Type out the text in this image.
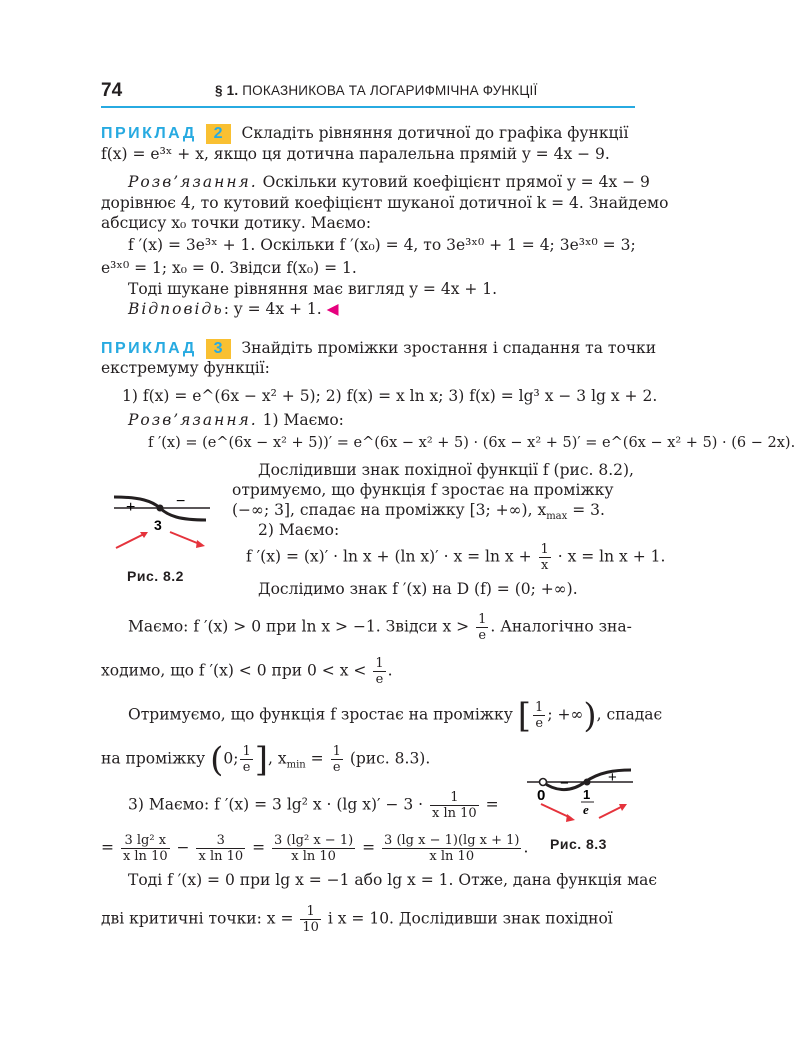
74	§ 1. ПОКАЗНИКОВА ТА ЛОГАРИФМІЧНА ФУНКЦІЇ
ПРИКЛАД 2 Складіть рівняння дотичної до графіка функції
f(x) = e³ˣ + x, якщо ця дотична паралельна прямій y = 4x − 9.
Розв’язання. Оскільки кутовий коефіцієнт прямої y = 4x − 9
дорівнює 4, то кутовий коефіцієнт шуканої дотичної k = 4. Знайдемо
абсцису x₀ точки дотику. Маємо:
f ′(x) = 3e³ˣ + 1. Оскільки f ′(x₀) = 4, то 3e³ˣ⁰ + 1 = 4; 3e³ˣ⁰ = 3;
e³ˣ⁰ = 1; x₀ = 0. Звідси f(x₀) = 1.
Тоді шукане рівняння має вигляд y = 4x + 1.
Відповідь: y = 4x + 1. ◀
ПРИКЛАД 3 Знайдіть проміжки зростання і спадання та точки
екстремуму функції:
1) f(x) = e^(6x − x² + 5); 2) f(x) = x ln x; 3) f(x) = lg³ x − 3 lg x + 2.
Розв’язання. 1) Маємо:
f ′(x) = (e^(6x − x² + 5))′ = e^(6x − x² + 5) · (6x − x² + 5)′ = e^(6x − x² + 5) · (6 − 2x).
Дослідивши знак похідної функції f (рис. 8.2),
отримуємо, що функція f зростає на проміжку
(−∞; 3], спадає на проміжку [3; +∞), $x_{max} = 3$.
2) Маємо:
f ′(x) = (x)′ · ln x + (ln $x)' \cdot x = \ln x + \frac{1}{x} \cdot x = \ln x + 1$.
Дослідимо знак f ′(x) на D (f) = (0; +∞).
+	−
3
Рис. 8.2
Маємо: f ′(x) > 0 при ln x > −1. Звідси $x > \frac{1}{e}$ . Аналогічно зна-
ходимо, що f ′(x) < 0 при $0 < x < \frac{1}{e}$ .
Отримуємо, що функція f зростає на проміжку [ $\frac{1}{e}$ ; +∞), спадає
на проміжку (0; $\frac{1}{e}$ ], $x_{min} = \frac{1}{e} (рис$. 8.3).
3) Маємо: f ′(x) = 3 lg² x · (lg $x)' - 3 \cdot \frac{1}{\text{x ln 10}}$ =
= $\frac{\text{3 lg² x}}{\text{x ln 10}} - \frac{3}{\text{x ln 10}} = \frac{\text{3 (lg² x − 1)}}{\text{x ln 10}} = \frac{\text{3 (lg x − 1)(lg x + 1)}}{\text{x ln 10}}$ .
0
−	+
1
e
Рис. 8.3
Тоді f ′(x) = 0 при lg x = −1 або lg x = 1. Отже, дана функція має
дві критичні точки: $x = \frac{1}{10}$ і x = 10. Дослідивши знак похідної
